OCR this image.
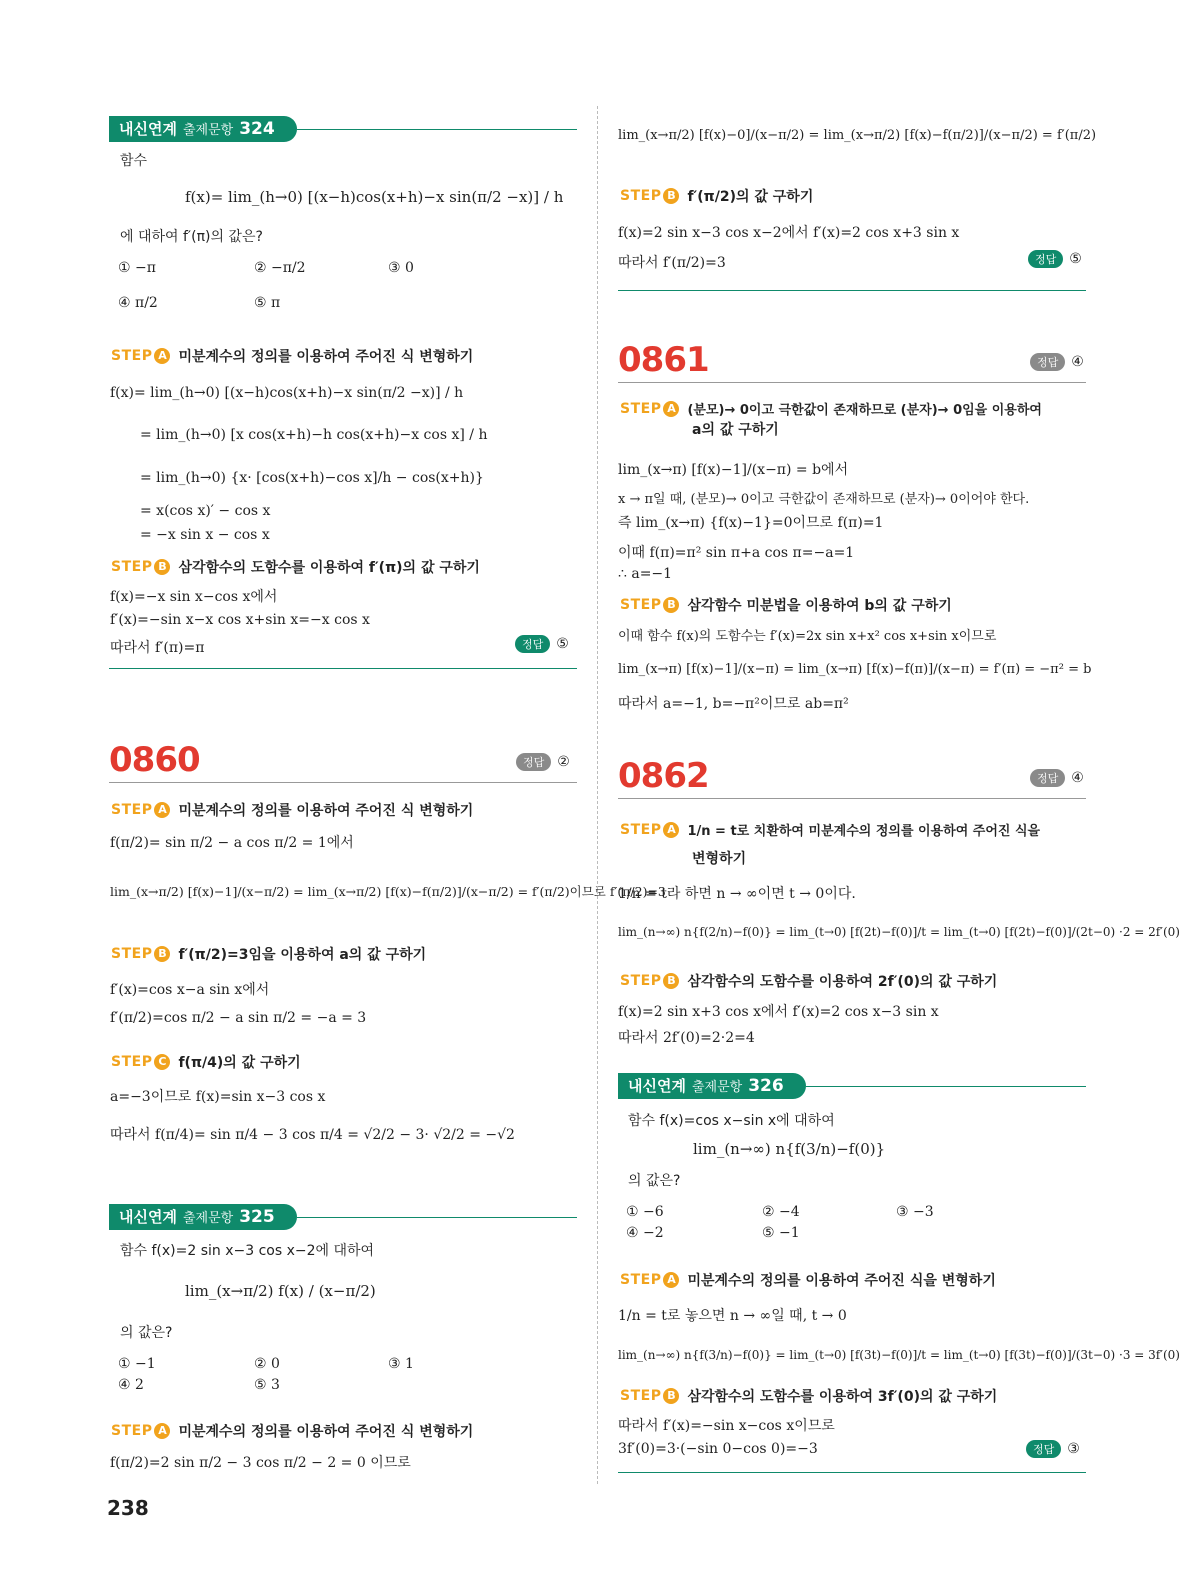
내신연계 출제문항 324
함수
f(x)= lim_(h→0) [(x−h)cos(x+h)−x sin(π/2 −x)] / h
에 대하여 f′(π)의 값은?
① −π	② −π/2	③ 0
④ π/2	⑤ π
STEP A 미분계수의 정의를 이용하여 주어진 식 변형하기
f(x)= lim_(h→0) [(x−h)cos(x+h)−x sin(π/2 −x)] / h
= lim_(h→0) [x cos(x+h)−h cos(x+h)−x cos x] / h
= lim_(h→0) {x· [cos(x+h)−cos x]/h − cos(x+h)}
= x(cos x)′ − cos x
= −x sin x − cos x
STEP B 삼각함수의 도함수를 이용하여 f′(π)의 값 구하기
f(x)=−x sin x−cos x에서
f′(x)=−sin x−x cos x+sin x=−x cos x
따라서 f′(π)=π	정답 ⑤
0860	정답 ②
STEP A 미분계수의 정의를 이용하여 주어진 식 변형하기
f(π/2)= sin π/2 − a cos π/2 = 1에서
lim_(x→π/2) [f(x)−1]/(x−π/2) = lim_(x→π/2) [f(x)−f(π/2)]/(x−π/2) = f′(π/2)이므로 f′(π/2)=3
STEP B f′(π/2)=3임을 이용하여 a의 값 구하기
f′(x)=cos x−a sin x에서
f′(π/2)=cos π/2 − a sin π/2 = −a = 3
STEP C f(π/4)의 값 구하기
a=−3이므로 f(x)=sin x−3 cos x
따라서 f(π/4)= sin π/4 − 3 cos π/4 = √2/2 − 3· √2/2 = −√2
내신연계 출제문항 325
함수 f(x)=2 sin x−3 cos x−2에 대하여
lim_(x→π/2) f(x) / (x−π/2)
의 값은?
① −1	② 0	③ 1
④ 2	⑤ 3
STEP A 미분계수의 정의를 이용하여 주어진 식 변형하기
f(π/2)=2 sin π/2 − 3 cos π/2 − 2 = 0 이므로
lim_(x→π/2) [f(x)−0]/(x−π/2) = lim_(x→π/2) [f(x)−f(π/2)]/(x−π/2) = f′(π/2)
STEP B f′(π/2)의 값 구하기
f(x)=2 sin x−3 cos x−2에서 f′(x)=2 cos x+3 sin x
따라서 f′(π/2)=3	정답 ⑤
0861	정답 ④
STEP A (분모)→ 0이고 극한값이 존재하므로 (분자)→ 0임을 이용하여
a의 값 구하기
lim_(x→π) [f(x)−1]/(x−π) = b에서
x → π일 때, (분모)→ 0이고 극한값이 존재하므로 (분자)→ 0이어야 한다.
즉 lim_(x→π) {f(x)−1}=0이므로 f(π)=1
이때 f(π)=π² sin π+a cos π=−a=1
∴ a=−1
STEP B 삼각함수 미분법을 이용하여 b의 값 구하기
이때 함수 f(x)의 도함수는 f′(x)=2x sin x+x² cos x+sin x이므로
lim_(x→π) [f(x)−1]/(x−π) = lim_(x→π) [f(x)−f(π)]/(x−π) = f′(π) = −π² = b
따라서 a=−1, b=−π²이므로 ab=π²
0862	정답 ④
STEP A 1/n = t로 치환하여 미분계수의 정의를 이용하여 주어진 식을
변형하기
1/n = t라 하면 n → ∞이면 t → 0이다.
lim_(n→∞) n{f(2/n)−f(0)} = lim_(t→0) [f(2t)−f(0)]/t = lim_(t→0) [f(2t)−f(0)]/(2t−0) ·2 = 2f′(0)
STEP B 삼각함수의 도함수를 이용하여 2f′(0)의 값 구하기
f(x)=2 sin x+3 cos x에서 f′(x)=2 cos x−3 sin x
따라서 2f′(0)=2·2=4
내신연계 출제문항 326
함수 f(x)=cos x−sin x에 대하여
lim_(n→∞) n{f(3/n)−f(0)}
의 값은?
① −6	② −4	③ −3
④ −2	⑤ −1
STEP A 미분계수의 정의를 이용하여 주어진 식을 변형하기
1/n = t로 놓으면 n → ∞일 때, t → 0
lim_(n→∞) n{f(3/n)−f(0)} = lim_(t→0) [f(3t)−f(0)]/t = lim_(t→0) [f(3t)−f(0)]/(3t−0) ·3 = 3f′(0)
STEP B 삼각함수의 도함수를 이용하여 3f′(0)의 값 구하기
따라서 f′(x)=−sin x−cos x이므로
3f′(0)=3·(−sin 0−cos 0)=−3	정답 ③
238
